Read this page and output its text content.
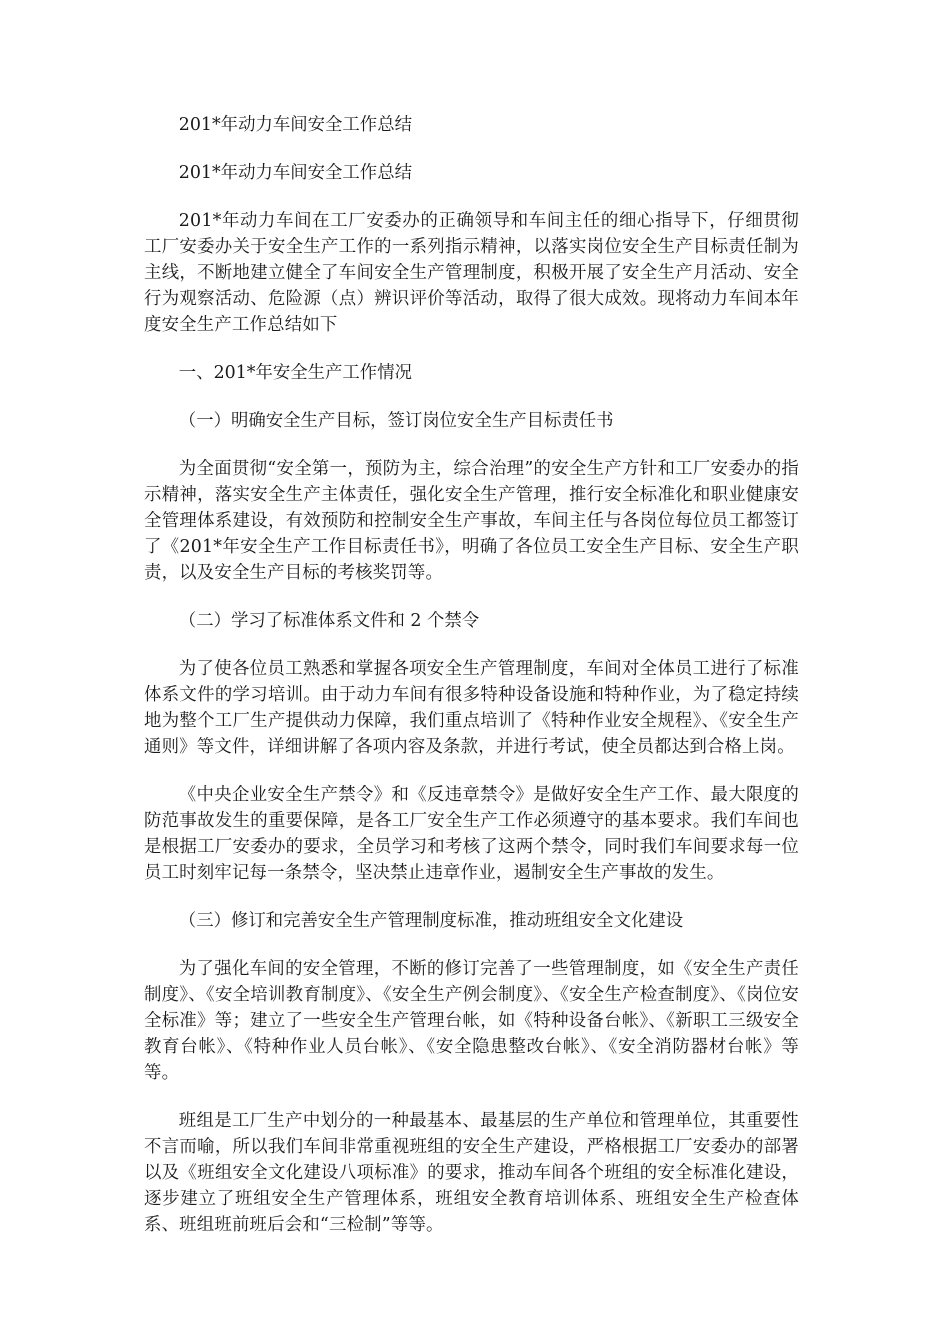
201*年动力车间安全工作总结

201*年动力车间安全工作总结

201*年动力车间在工厂安委办的正确领导和车间主任的细心指导下，仔细贯彻工厂安委办关于安全生产工作的一系列指示精神，以落实岗位安全生产目标责任制为主线，不断地建立健全了车间安全生产管理制度，积极开展了安全生产月活动、安全行为观察活动、危险源（点）辨识评价等活动，取得了很大成效。现将动力车间本年度安全生产工作总结如下

一、201*年安全生产工作情况

（一）明确安全生产目标，签订岗位安全生产目标责任书

为全面贯彻“安全第一，预防为主，综合治理”的安全生产方针和工厂安委办的指示精神，落实安全生产主体责任，强化安全生产管理，推行安全标准化和职业健康安全管理体系建设，有效预防和控制安全生产事故，车间主任与各岗位每位员工都签订了《201*年安全生产工作目标责任书》，明确了各位员工安全生产目标、安全生产职责，以及安全生产目标的考核奖罚等。

（二）学习了标准体系文件和 2 个禁令

为了使各位员工熟悉和掌握各项安全生产管理制度，车间对全体员工进行了标准体系文件的学习培训。由于动力车间有很多特种设备设施和特种作业，为了稳定持续地为整个工厂生产提供动力保障，我们重点培训了《特种作业安全规程》、《安全生产通则》等文件，详细讲解了各项内容及条款，并进行考试，使全员都达到合格上岗。

《中央企业安全生产禁令》和《反违章禁令》是做好安全生产工作、最大限度的防范事故发生的重要保障，是各工厂安全生产工作必须遵守的基本要求。我们车间也是根据工厂安委办的要求，全员学习和考核了这两个禁令，同时我们车间要求每一位员工时刻牢记每一条禁令，坚决禁止违章作业，遏制安全生产事故的发生。

（三）修订和完善安全生产管理制度标准，推动班组安全文化建设

为了强化车间的安全管理，不断的修订完善了一些管理制度，如《安全生产责任制度》、《安全培训教育制度》、《安全生产例会制度》、《安全生产检查制度》、《岗位安全标准》等；建立了一些安全生产管理台帐，如《特种设备台帐》、《新职工三级安全教育台帐》、《特种作业人员台帐》、《安全隐患整改台帐》、《安全消防器材台帐》等等。

班组是工厂生产中划分的一种最基本、最基层的生产单位和管理单位，其重要性不言而喻，所以我们车间非常重视班组的安全生产建设，严格根据工厂安委办的部署以及《班组安全文化建设八项标准》的要求，推动车间各个班组的安全标准化建设，逐步建立了班组安全生产管理体系，班组安全教育培训体系、班组安全生产检查体系、班组班前班后会和“三检制”等等。
